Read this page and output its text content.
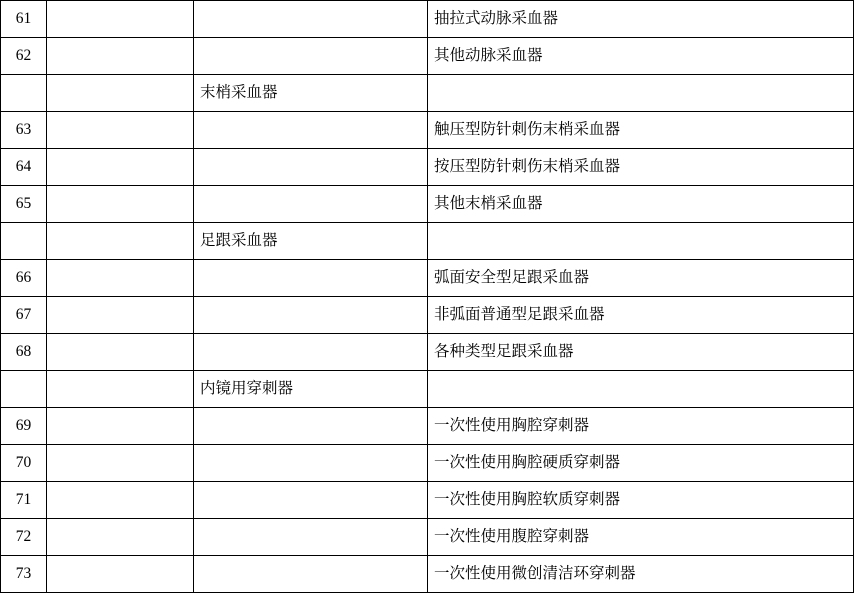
61			抽拉式动脉采血器
62			其他动脉采血器
		末梢采血器	
63			触压型防针刺伤末梢采血器
64			按压型防针刺伤末梢采血器
65			其他末梢采血器
		足跟采血器	
66			弧面安全型足跟采血器
67			非弧面普通型足跟采血器
68			各种类型足跟采血器
		内镜用穿刺器	
69			一次性使用胸腔穿刺器
70			一次性使用胸腔硬质穿刺器
71			一次性使用胸腔软质穿刺器
72			一次性使用腹腔穿刺器
73			一次性使用微创清洁环穿刺器
